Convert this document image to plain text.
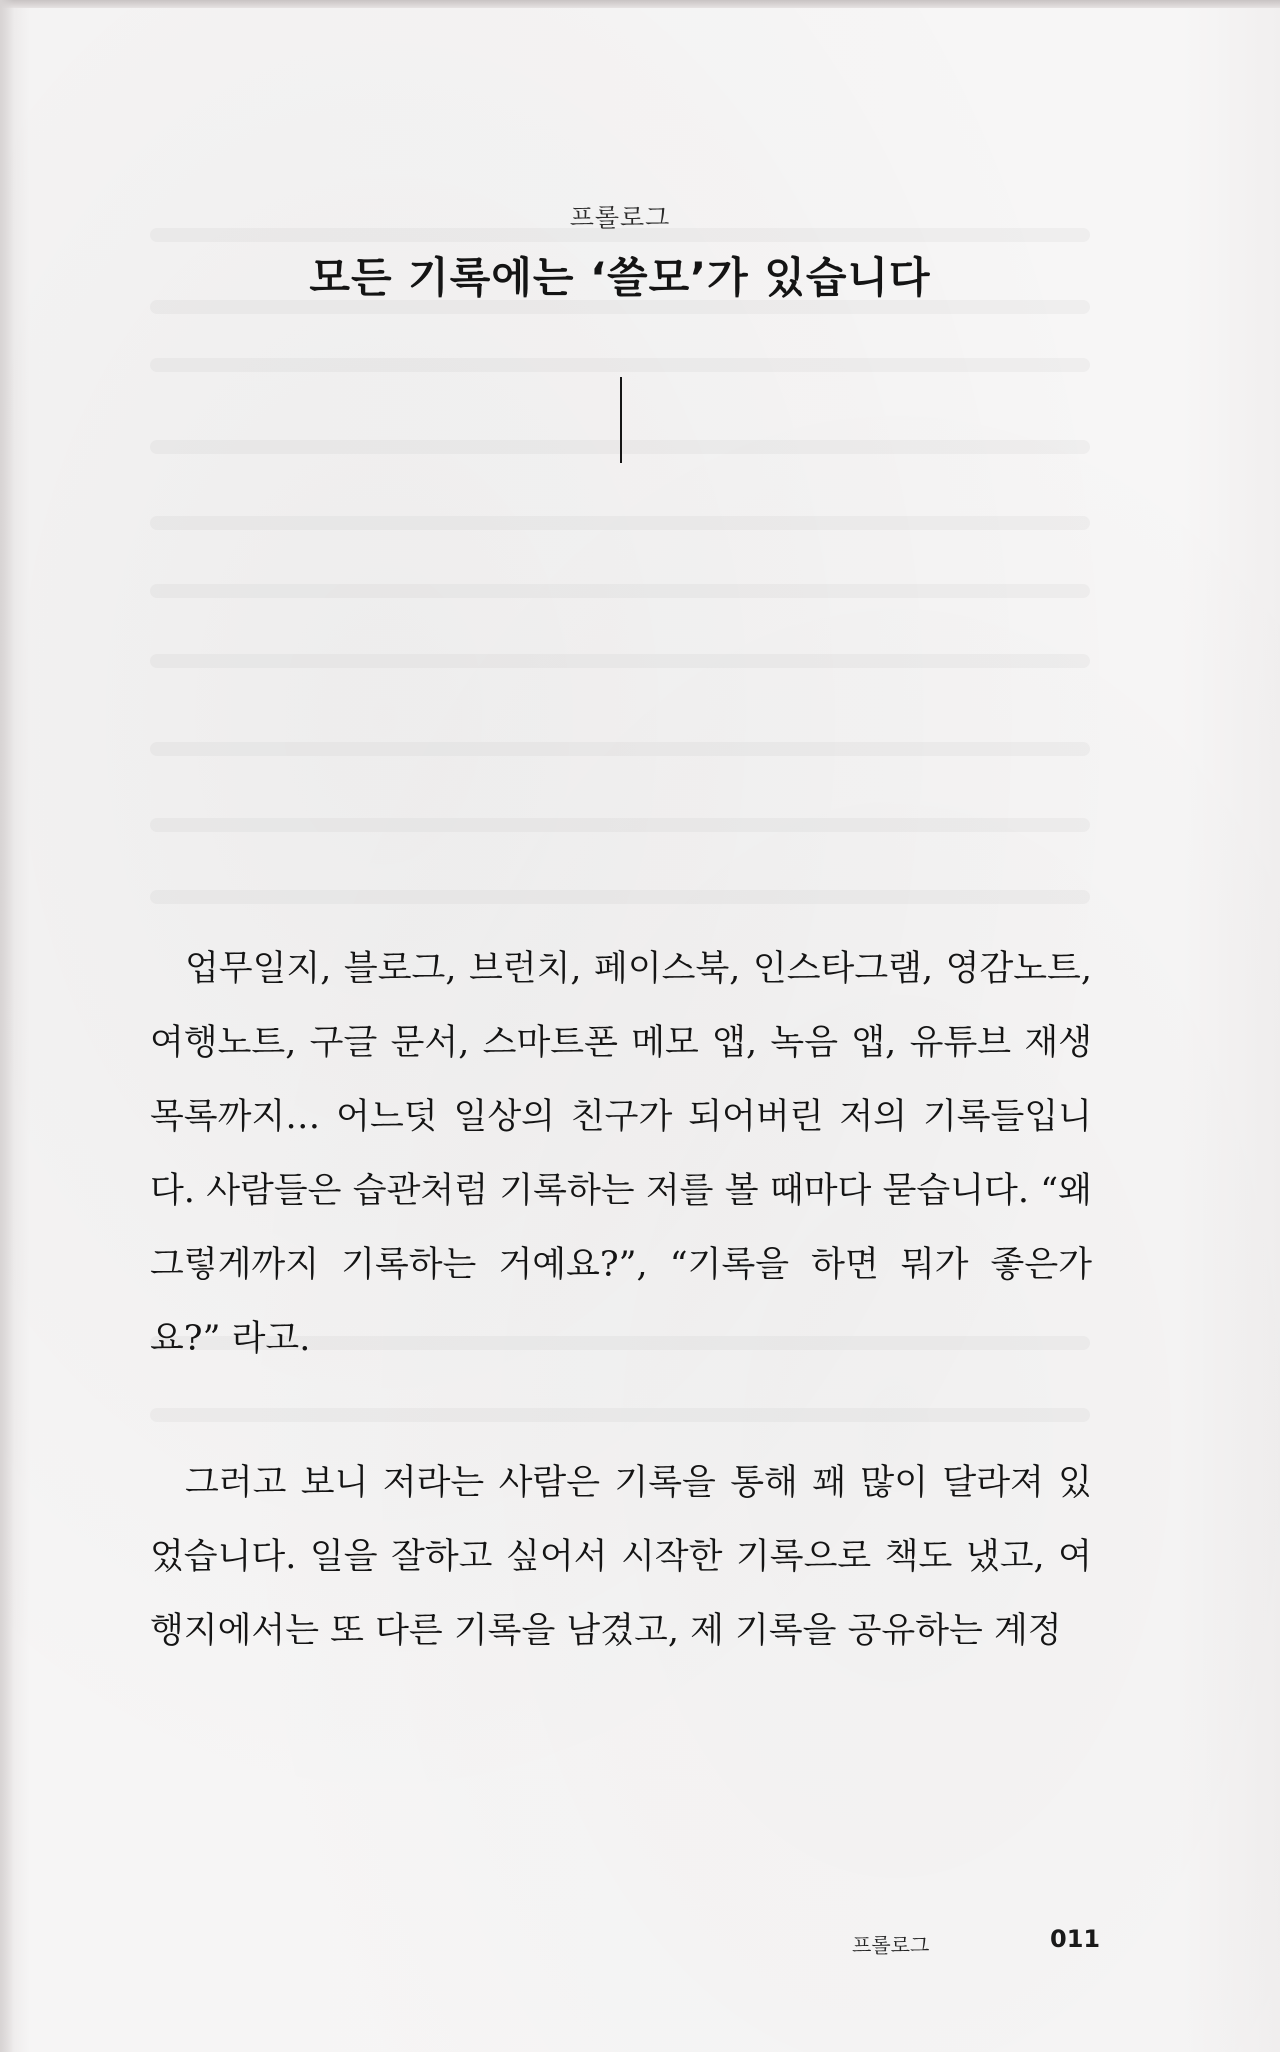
프롤로그
모든 기록에는 ‘쓸모’가 있습니다

업무일지, 블로그, 브런치, 페이스북, 인스타그램, 영감노트, 여행노트, 구글 문서, 스마트폰 메모 앱, 녹음 앱, 유튜브 재생목록까지… 어느덧 일상의 친구가 되어버린 저의 기록들입니다. 사람들은 습관처럼 기록하는 저를 볼 때마다 묻습니다. “왜 그렇게까지 기록하는 거예요?”, “기록을 하면 뭐가 좋은가요?” 라고.

그러고 보니 저라는 사람은 기록을 통해 꽤 많이 달라져 있었습니다. 일을 잘하고 싶어서 시작한 기록으로 책도 냈고, 여행지에서는 또 다른 기록을 남겼고, 제 기록을 공유하는 계정

프롤로그	011
